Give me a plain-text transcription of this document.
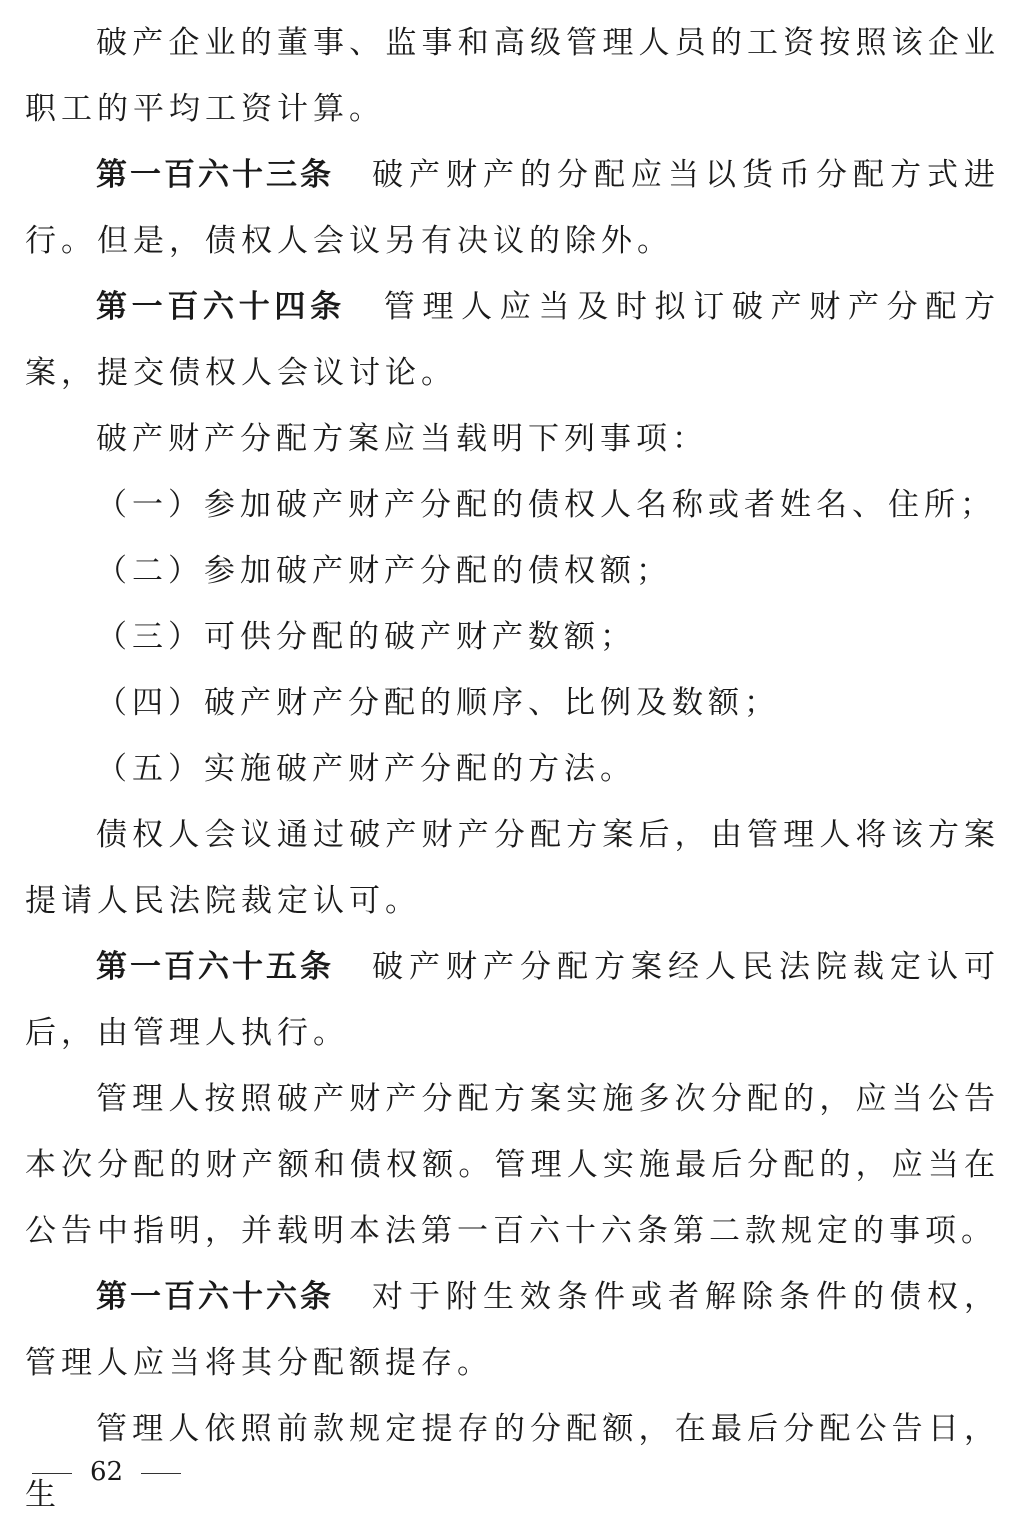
破产企业的董事、监事和高级管理人员的工资按照该企业职工的平均工资计算。

第一百六十三条 破产财产的分配应当以货币分配方式进行。但是，债权人会议另有决议的除外。

第一百六十四条 管理人应当及时拟订破产财产分配方案，提交债权人会议讨论。

破产财产分配方案应当载明下列事项：

（一）参加破产财产分配的债权人名称或者姓名、住所；

（二）参加破产财产分配的债权额；

（三）可供分配的破产财产数额；

（四）破产财产分配的顺序、比例及数额；

（五）实施破产财产分配的方法。

债权人会议通过破产财产分配方案后，由管理人将该方案提请人民法院裁定认可。

第一百六十五条 破产财产分配方案经人民法院裁定认可后，由管理人执行。

管理人按照破产财产分配方案实施多次分配的，应当公告本次分配的财产额和债权额。管理人实施最后分配的，应当在公告中指明，并载明本法第一百六十六条第二款规定的事项。

第一百六十六条 对于附生效条件或者解除条件的债权，管理人应当将其分配额提存。

管理人依照前款规定提存的分配额，在最后分配公告日，生

62
